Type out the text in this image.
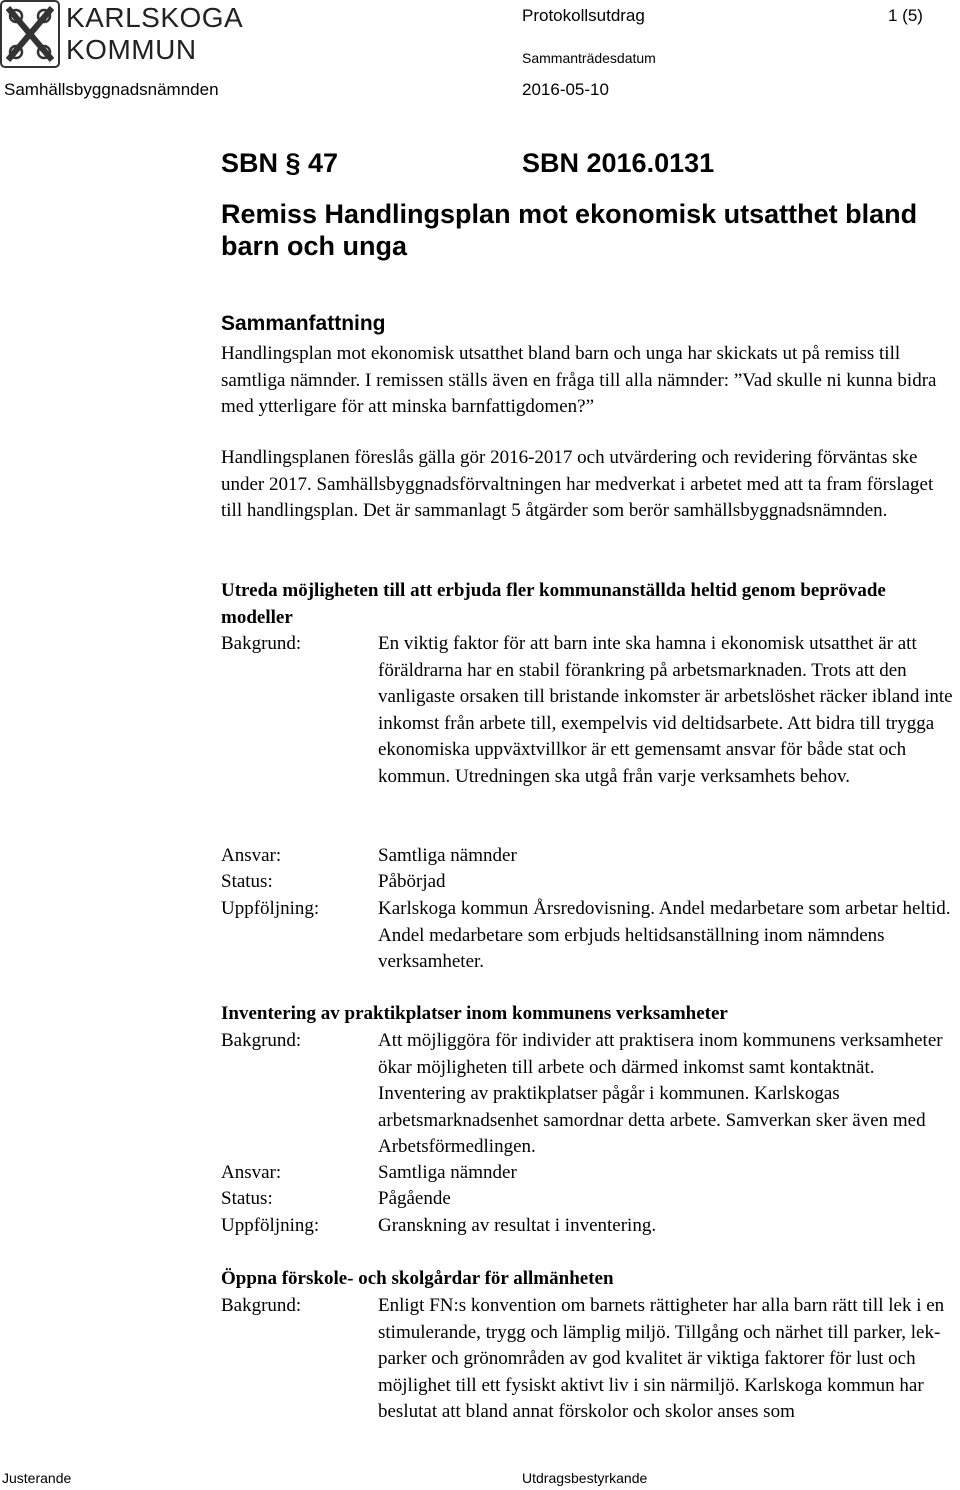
KARLSKOGA
KOMMUN
Protokollsutdrag	1 (5)
Sammanträdesdatum
Samhällsbyggnadsnämnden	2016-05-10
SBN § 47	SBN 2016.0131
Remiss Handlingsplan mot ekonomisk utsatthet bland barn och unga
Sammanfattning
Handlingsplan mot ekonomisk utsatthet bland barn och unga har skickats ut på remiss till samtliga nämnder. I remissen ställs även en fråga till alla nämnder: ”Vad skulle ni kunna bidra med ytterligare för att minska barnfattigdomen?”
Handlingsplanen föreslås gälla gör 2016-2017 och utvärdering och revidering förväntas ske under 2017. Samhällsbyggnadsförvaltningen har medverkat i arbetet med att ta fram förslaget till handlingsplan. Det är sammanlagt 5 åtgärder som berör samhällsbyggnadsnämnden.
Utreda möjligheten till att erbjuda fler kommunanställda heltid genom beprövade modeller
Bakgrund:	En viktig faktor för att barn inte ska hamna i ekonomisk utsatthet är att föräldrarna har en stabil förankring på arbetsmarknaden. Trots att den vanligaste orsaken till bristande inkomster är arbetslöshet räcker ibland inte inkomst från arbete till, exempelvis vid deltidsarbete. Att bidra till trygga ekonomiska uppväxtvillkor är ett gemensamt ansvar för både stat och kommun. Utredningen ska utgå från varje verksamhets behov.
Ansvar:	Samtliga nämnder
Status:	Påbörjad
Uppföljning:	Karlskoga kommun Årsredovisning. Andel medarbetare som arbetar heltid. Andel medarbetare som erbjuds heltidsanställning inom nämndens verksamheter.
Inventering av praktikplatser inom kommunens verksamheter
Bakgrund:	Att möjliggöra för individer att praktisera inom kommunens verksamheter ökar möjligheten till arbete och därmed inkomst samt kontaktnät. Inventering av praktikplatser pågår i kommunen. Karlskogas arbetsmarknadsenhet samordnar detta arbete. Samverkan sker även med Arbetsförmedlingen.
Ansvar:	Samtliga nämnder
Status:	Pågående
Uppföljning:	Granskning av resultat i inventering.
Öppna förskole- och skolgårdar för allmänheten
Bakgrund:	Enligt FN:s konvention om barnets rättigheter har alla barn rätt till lek i en stimulerande, trygg och lämplig miljö. Tillgång och närhet till parker, lek-parker och grönområden av god kvalitet är viktiga faktorer för lust och möjlighet till ett fysiskt aktivt liv i sin närmiljö. Karlskoga kommun har beslutat att bland annat förskolor och skolor anses som
Justerande	Utdragsbestyrkande
